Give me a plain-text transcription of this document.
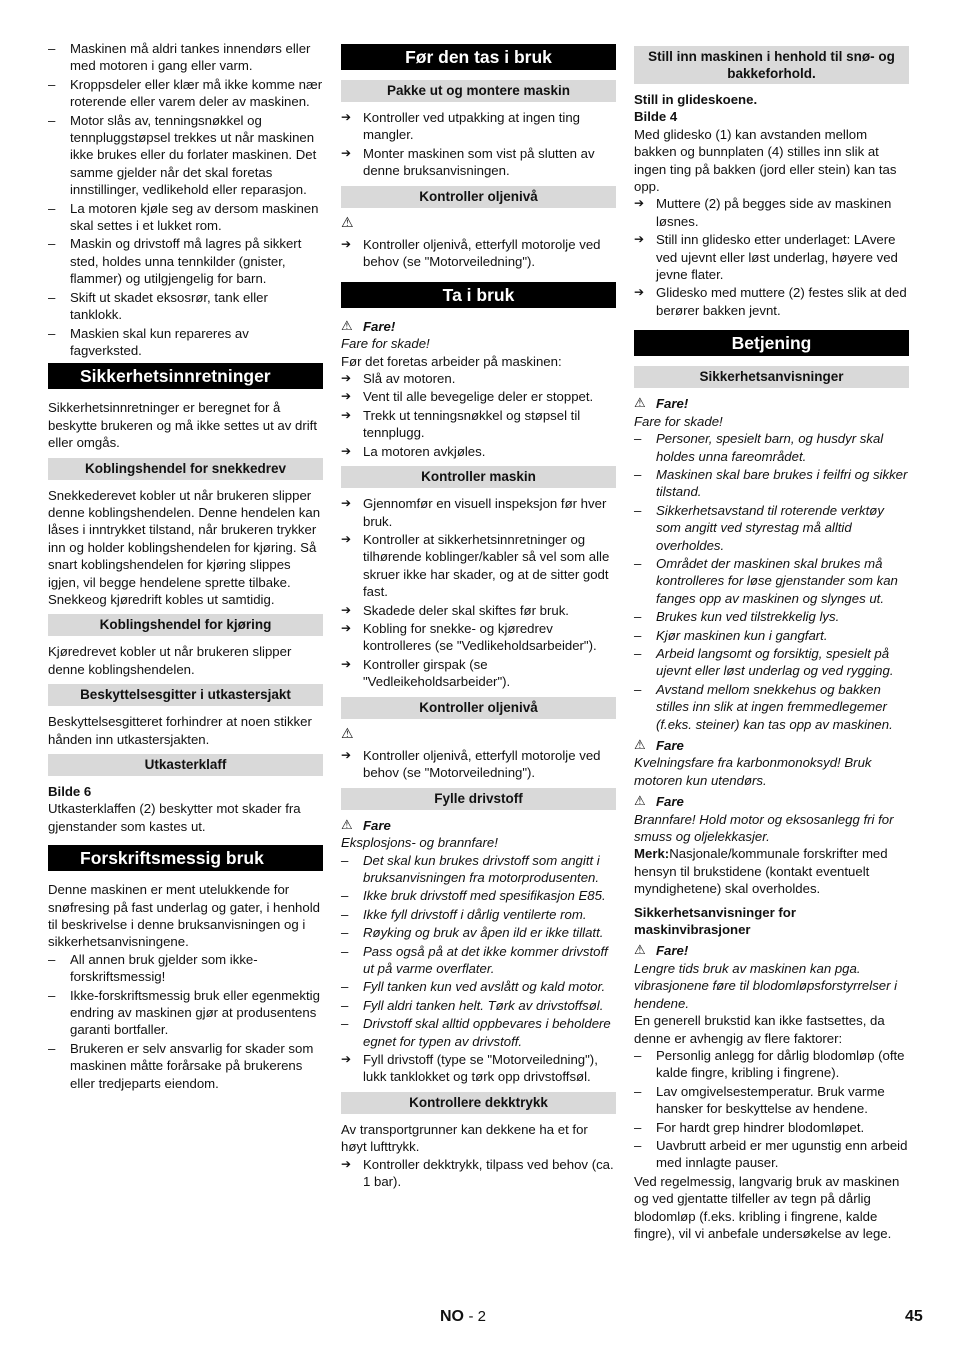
– Maskinen må aldri tankes innendørs eller med motoren i gang eller varm.
– Kroppsdeler eller klær må ikke komme nær roterende eller varem deler av maskinen.
– Motor slås av, tenningsnøkkel og tennpluggstøpsel trekkes ut når maskinen ikke brukes eller du forlater maskinen. Det samme gjelder når det skal foretas innstillinger, vedlikehold eller reparasjon.
– La motoren kjøle seg av dersom maskinen skal settes i et lukket rom.
– Maskin og drivstoff må lagres på sikkert sted, holdes unna tennkilder (gnister, flammer) og utilgjengelig for barn.
– Skift ut skadet eksosrør, tank eller tanklokk.
– Maskien skal kun repareres av fagverksted.
Sikkerhetsinnretninger

Sikkerhetsinnretninger er beregnet for å beskytte brukeren og må ikke settes ut av drift eller omgås.

Koblingshendel for snekkedrev

Snekkederevet kobler ut når brukeren slipper denne koblingshendelen. Denne hendelen kan låses i inntrykket tilstand, når brukeren trykker inn og holder koblingshendelen for kjøring. Så snart koblingshendelen for kjøring slippes igjen, vil begge hendelene sprette tilbake. Snekkeog kjøredrift kobles ut samtidig.

Koblingshendel for kjøring

Kjøredrevet kobler ut når brukeren slipper denne koblingshendelen.

Beskyttelsesgitter i utkastersjakt

Beskyttelsesgitteret forhindrer at noen stikker hånden inn utkastersjakten.

Utkasterklaff

Bilde 6

Utkasterklaffen (2) beskytter mot skader fra gjenstander som kastes ut.

Forskriftsmessig bruk

Denne maskinen er ment utelukkende for snøfresing på fast underlag og gater, i henhold til beskrivelse i denne bruksanvisningen og i sikkerhetsanvisningene.

– All annen bruk gjelder som ikke-forskriftsmessig!
– Ikke-forskriftsmessig bruk eller egenmektig endring av maskinen gjør at produsentens garanti bortfaller.
– Brukeren er selv ansvarlig for skader som maskinen måtte forårsake på brukerens eller tredjeparts eiendom.
Før den tas i bruk
Pakke ut og montere maskin
➔ Kontroller ved utpakking at ingen ting mangler.
➔ Monter maskinen som vist på slutten av denne bruksanvisningen.
Kontroller oljenivå
⚠
➔ Kontroller oljenivå, etterfyll motorolje ved behov (se "Motorveiledning").
Ta i bruk
⚠ Fare!

Fare for skade!

Før det foretas arbeider på maskinen:

➔ Slå av motoren.
➔ Vent til alle bevegelige deler er stoppet.
➔ Trekk ut tenningsnøkkel og støpsel til tennplugg.
➔ La motoren avkjøles.
Kontroller maskin
➔ Gjennomfør en visuell inspeksjon før hver bruk.
➔ Kontroller at sikkerhetsinnretninger og tilhørende koblinger/kabler så vel som alle skruer ikke har skader, og at de sitter godt fast.
➔ Skadede deler skal skiftes før bruk.
➔ Kobling for snekke- og kjøredrev kontrolleres (se "Vedlikeholdsarbeider").
➔ Kontroller girspak (se "Vedleikeholdsarbeider").
Kontroller oljenivå
⚠
➔ Kontroller oljenivå, etterfyll motorolje ved behov (se "Motorveiledning").
Fylle drivstoff
⚠ Fare

Eksplosjons- og brannfare!

– Det skal kun brukes drivstoff som angitt i bruksanvisningen fra motorprodusenten.
– Ikke bruk drivstoff med spesifikasjon E85.
– Ikke fyll drivstoff i dårlig ventilerte rom.
– Røyking og bruk av åpen ild er ikke tillatt.
– Pass også på at det ikke kommer drivstoff ut på varme overflater.
– Fyll tanken kun ved avslått og kald motor.
– Fyll aldri tanken helt. Tørk av drivstoffsøl.
– Drivstoff skal alltid oppbevares i beholdere egnet for typen av drivstoff.
➔ Fyll drivstoff (type se "Motorveiledning"), lukk tanklokket og tørk opp drivstoffsøl.
Kontrollere dekktrykk

Av transportgrunner kan dekkene ha et for høyt lufttrykk.

➔ Kontroller dekktrykk, tilpass ved behov (ca. 1 bar).
Still inn maskinen i henhold til snø- og bakkeforhold.

Still in glideskoene.

Bilde 4

Med glidesko (1) kan avstanden mellom bakken og bunnplaten (4) stilles inn slik at ingen ting på bakken (jord eller stein) kan tas opp.

➔ Muttere (2) på begges side av maskinen løsnes.
➔ Still inn glidesko etter underlaget: LAvere ved ujevnt eller løst underlag, høyere ved jevne flater.
➔ Glidesko med muttere (2) festes slik at ded berører bakken jevnt.
Betjening
Sikkerhetsanvisninger
⚠ Fare!

Fare for skade!

– Personer, spesielt barn, og husdyr skal holdes unna fareområdet.
– Maskinen skal bare brukes i feilfri og sikker tilstand.
– Sikkerhetsavstand til roterende verktøy som angitt ved styrestag må alltid overholdes.
– Området der maskinen skal brukes må kontrolleres for løse gjenstander som kan fanges opp av maskinen og slynges ut.
– Brukes kun ved tilstrekkelig lys.
– Kjør maskinen kun i gangfart.
– Arbeid langsomt og forsiktig, spesielt på ujevnt eller løst underlag og ved rygging.
– Avstand mellom snekkehus og bakken stilles inn slik at ingen fremmedlegemer (f.eks. steiner) kan tas opp av maskinen.
⚠ Fare

Kvelningsfare fra karbonmonoksyd! Bruk motoren kun utendørs.

⚠ Fare

Brannfare! Hold motor og eksosanlegg fri for smuss og oljelekkasjer.

Merk:Nasjonale/kommunale forskrifter med hensyn til brukstidene (kontakt eventuelt myndighetene) skal overholdes.

Sikkerhetsanvisninger for maskinvibrasjoner

⚠ Fare!

Lengre tids bruk av maskinen kan pga. vibrasjonene føre til blodomløpsforstyrrelser i hendene.

En generell brukstid kan ikke fastsettes, da denne er avhengig av flere faktorer:

– Personlig anlegg for dårlig blodomløp (ofte kalde fingre, kribling i fingrene).
– Lav omgivelsestemperatur. Bruk varme hansker for beskyttelse av hendene.
– For hardt grep hindrer blodomløpet.
– Uavbrutt arbeid er mer ugunstig enn arbeid med innlagte pauser.

Ved regelmessig, langvarig bruk av maskinen og ved gjentatte tilfeller av tegn på dårlig blodomløp (f.eks. kribling i fingrene, kalde fingre), vil vi anbefale undersøkelse av lege.

NO - 2	45
